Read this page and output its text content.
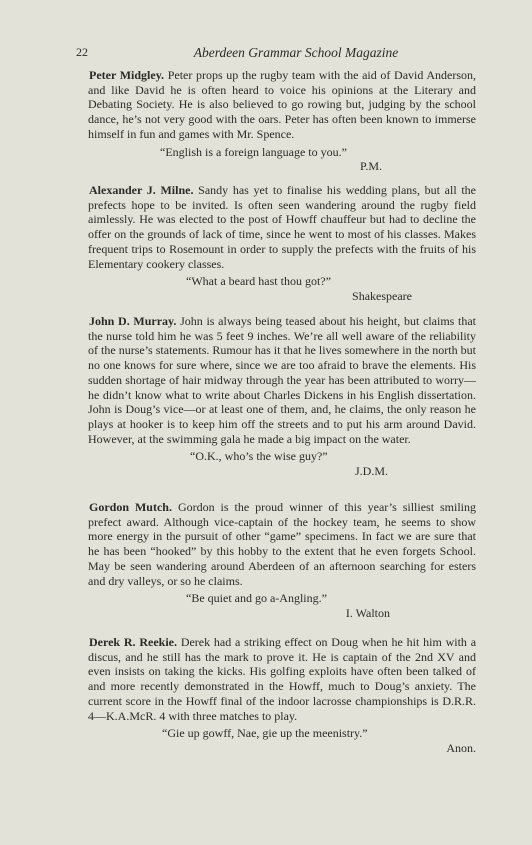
22	Aberdeen Grammar School Magazine

Peter Midgley. Peter props up the rugby team with the aid of David Anderson, and like David he is often heard to voice his opinions at the Literary and Debating Society. He is also believed to go rowing but, judging by the school dance, he’s not very good with the oars. Peter has often been known to immerse himself in fun and games with Mr. Spence.

“English is a foreign language to you.”
P.M.

Alexander J. Milne. Sandy has yet to finalise his wedding plans, but all the prefects hope to be invited. Is often seen wandering around the rugby field aimlessly. He was elected to the post of Howff chauffeur but had to decline the offer on the grounds of lack of time, since he went to most of his classes. Makes frequent trips to Rosemount in order to supply the prefects with the fruits of his Elementary cookery classes.

“What a beard hast thou got?”
Shakespeare

John D. Murray. John is always being teased about his height, but claims that the nurse told him he was 5 feet 9 inches. We’re all well aware of the reliability of the nurse’s statements. Rumour has it that he lives somewhere in the north but no one knows for sure where, since we are too afraid to brave the elements. His sudden shortage of hair midway through the year has been attributed to worry—he didn’t know what to write about Charles Dickens in his English dissertation. John is Doug’s vice—or at least one of them, and, he claims, the only reason he plays at hooker is to keep him off the streets and to put his arm around David. However, at the swimming gala he made a big impact on the water.

“O.K., who’s the wise guy?”
J.D.M.

Gordon Mutch. Gordon is the proud winner of this year’s silliest smiling prefect award. Although vice-captain of the hockey team, he seems to show more energy in the pursuit of other “game” specimens. In fact we are sure that he has been “hooked” by this hobby to the extent that he even forgets School. May be seen wandering around Aberdeen of an afternoon searching for esters and dry valleys, or so he claims.

“Be quiet and go a-Angling.”
I. Walton

Derek R. Reekie. Derek had a striking effect on Doug when he hit him with a discus, and he still has the mark to prove it. He is captain of the 2nd XV and even insists on taking the kicks. His golfing exploits have often been talked of and more recently demonstrated in the Howff, much to Doug’s anxiety. The current score in the Howff final of the indoor lacrosse championships is D.R.R. 4—K.A.McR. 4 with three matches to play.

“Gie up gowff, Nae, gie up the meenistry.”
Anon.
